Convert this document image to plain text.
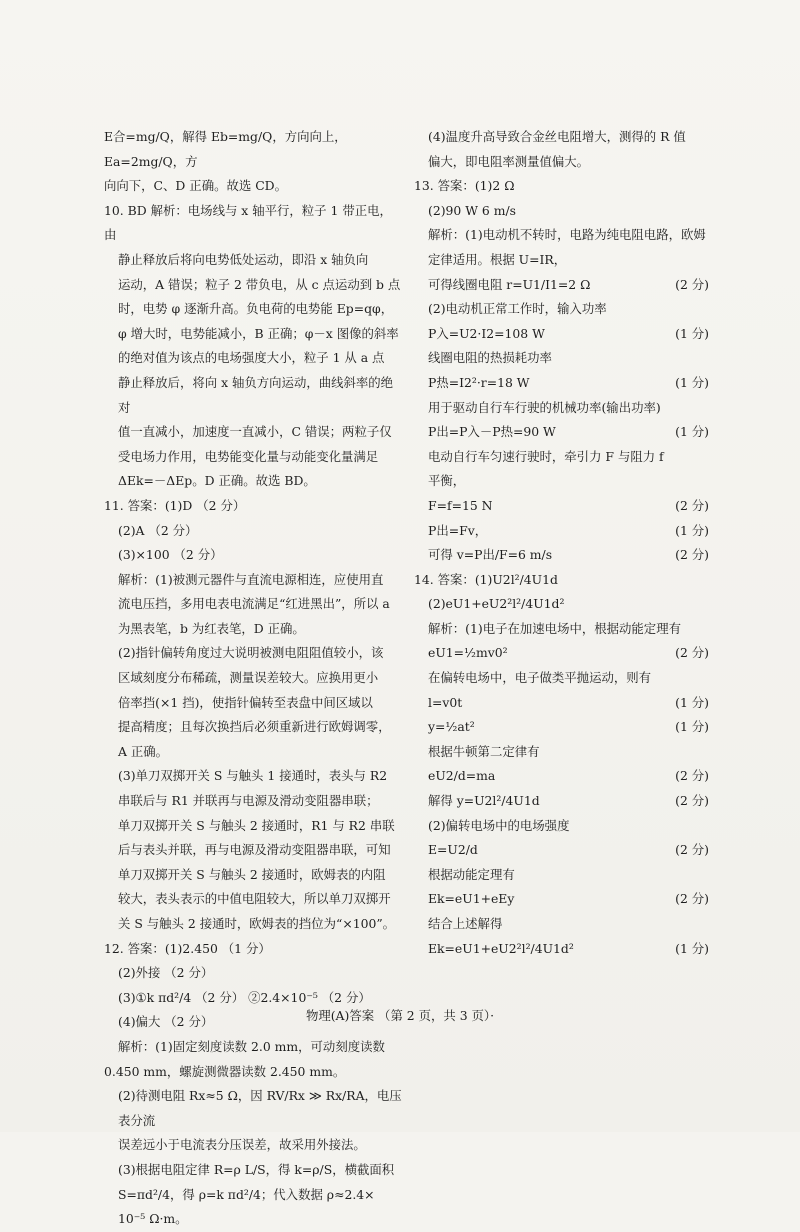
E合=mg/Q，解得 Eb=mg/Q，方向向上，Ea=2mg/Q，方

向向下，C、D 正确。故选 CD。

10. BD 解析：电场线与 x 轴平行，粒子 1 带正电，由

静止释放后将向电势低处运动，即沿 x 轴负向

运动，A 错误；粒子 2 带负电，从 c 点运动到 b 点

时，电势 φ 逐渐升高。负电荷的电势能 Ep=qφ，

φ 增大时，电势能减小，B 正确；φ－x 图像的斜率

的绝对值为该点的电场强度大小，粒子 1 从 a 点

静止释放后，将向 x 轴负方向运动，曲线斜率的绝对

值一直减小，加速度一直减小，C 错误；两粒子仅

受电场力作用，电势能变化量与动能变化量满足

ΔEk=－ΔEp。D 正确。故选 BD。

11. 答案：(1)D （2 分）

(2)A （2 分）

(3)×100 （2 分）

解析：(1)被测元器件与直流电源相连，应使用直

流电压挡，多用电表电流满足“红进黑出”，所以 a

为黑表笔，b 为红表笔，D 正确。

(2)指针偏转角度过大说明被测电阻阻值较小，该

区域刻度分布稀疏，测量误差较大。应换用更小

倍率挡(×1 挡)，使指针偏转至表盘中间区域以

提高精度；且每次换挡后必须重新进行欧姆调零，

A 正确。

(3)单刀双掷开关 S 与触头 1 接通时，表头与 R2

串联后与 R1 并联再与电源及滑动变阻器串联；

单刀双掷开关 S 与触头 2 接通时，R1 与 R2 串联

后与表头并联，再与电源及滑动变阻器串联，可知

单刀双掷开关 S 与触头 2 接通时，欧姆表的内阻

较大，表头表示的中值电阻较大，所以单刀双掷开

关 S 与触头 2 接通时，欧姆表的挡位为“×100”。

12. 答案：(1)2.450 （1 分）

(2)外接 （2 分）

(3)①k πd²/4 （2 分） ②2.4×10⁻⁵ （2 分）

(4)偏大 （2 分）

解析：(1)固定刻度读数 2.0 mm，可动刻度读数

0.450 mm，螺旋测微器读数 2.450 mm。

(2)待测电阻 Rx≈5 Ω，因 RV/Rx ≫ Rx/RA，电压表分流

误差远小于电流表分压误差，故采用外接法。

(3)根据电阻定律 R=ρ L/S，得 k=ρ/S，横截面积

S=πd²/4，得 ρ=k πd²/4；代入数据 ρ≈2.4×

10⁻⁵ Ω·m。

(4)温度升高导致合金丝电阻增大，测得的 R 值
偏大，即电阻率测量值偏大。
13. 答案：(1)2 Ω
(2)90 W 6 m/s
解析：(1)电动机不转时，电路为纯电阻电路，欧姆
定律适用。根据 U=IR，
可得线圈电阻 r=U1/I1=2 Ω	(2 分)
(2)电动机正常工作时，输入功率
P入=U2·I2=108 W	(1 分)
线圈电阻的热损耗功率
P热=I2²·r=18 W	(1 分)
用于驱动自行车行驶的机械功率(输出功率)
P出=P入－P热=90 W	(1 分)
电动自行车匀速行驶时，牵引力 F 与阻力 f
平衡，
F=f=15 N	(2 分)
P出=Fv，	(1 分)
可得 v=P出/F=6 m/s	(2 分)
14. 答案：(1)U2l²/4U1d
(2)eU1+eU2²l²/4U1d²
解析：(1)电子在加速电场中，根据动能定理有
eU1=½mv0²	(2 分)
在偏转电场中，电子做类平抛运动，则有
l=v0t	(1 分)
y=½at²	(1 分)
根据牛顿第二定律有
eU2/d=ma	(2 分)
解得 y=U2l²/4U1d	(2 分)
(2)偏转电场中的电场强度
E=U2/d	(2 分)
根据动能定理有
Ek=eU1+eEy	(2 分)
结合上述解得
Ek=eU1+eU2²l²/4U1d²	(1 分)
物理(A)答案 （第 2 页，共 3 页）·
